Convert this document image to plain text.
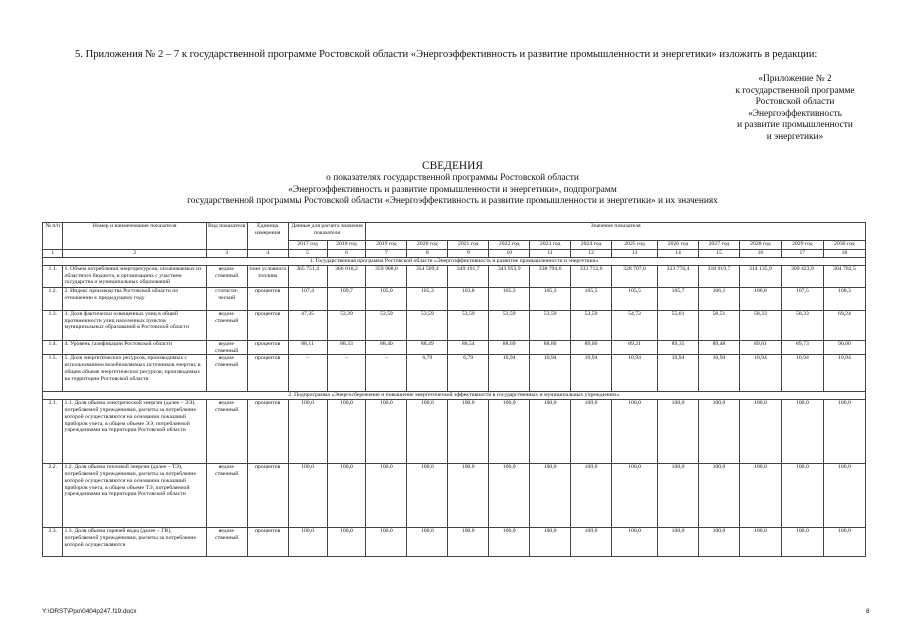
5. Приложения № 2 – 7 к государственной программе Ростовской области «Энергоэффективность и развитие промышленности и энергетики» изложить в редакции:
«Приложение № 2
к государственной программе
Ростовской области
«Энергоэффективность
и развитие промышленности
и энергетики»
СВЕДЕНИЯ
о показателях государственной программы Ростовской области
«Энергоэффективность и развитие промышленности и энергетики», подпрограмм
государственной программы Ростовской области «Энергоэффективность и развитие промышленности и энергетики» и их значениях
№ п/п	Номер и наименование показателя	Вид показателя	Единица измерения	Данные для расчета значения показателя		Значение показателя											
				2017 год	2018 год	2019 год	2020 год	2021 год	2022 год	2023 год	2024 год	2025 год	2026 год	2027 год	2028 год	2029 год	2030 год
1	2	3	4	5	6	7	8	9	10	11	12	13	14	15	16	17	18
1. Государственная программа Ростовской области «Энергоэффективность и развитие промышленности и энергетики»																	
1.1.	1. Объем потребления энергоресурсов, оплачиваемых из областного бюджета, в организациях с участием государства и муниципальных образований	ведом-ственный	тонн условного топлива	365 751,4	366 018,2	359 908,0	354 509,4	349 191,7	343 953,9	338 794,6	333 712,6	328 707,0	323 776,4	318 919,7	314 135,9	309 423,9	304 782,5
1.2.	2. Индекс производства Ростовской области по отношению к предыдущему году	статисти-ческий	процентов	107,4	109,7	105,0	105,3	103,8	105,3	105,3	105,5	105,5	105,7	106,1	106,8	107,5	108,3
1.3.	3. Доля фактически освещенных улиц в общей протяженности улиц населенных пунктов муниципальных образований в Ростовской области	ведом-ственный	процентов	47,35	53,39	53,59	53,59	53,59	53,59	53,59	53,59	54,72	55,61	56,51	58,33	58,33	69,24
1.4.	4. Уровень газификации Ростовской области	ведом-ственный	процентов	88,11	88,33	88,40	88,49	88,54	88,69	88,80	89,00	89,21	89,35	89,48	89,61	89,73	90,00
1.5.	5. Доля энергетических ресурсов, производимых с использованием возобновляемых источников энергии, в общем объеме энергетических ресурсов, производимых на территории Ростовской области	ведом-ственный	процентов	–	–	–	6,79	6,79	10,94	10,94	10,94	10,94	10,94	10,94	10,94	10,94	10,94
2. Подпрограмма «Энергосбережение и повышение энергетической эффективности в государственных и муниципальных учреждениях»																	
2.1.	1.1. Доля объема электрической энергии (далее – ЭЭ), потребляемой учреждениями, расчеты за потребление которой осуществляются на основании показаний приборов учета, в общем объеме ЭЭ, потребляемой учреждениями на территории Ростовской области	ведом-ственный	процентов	100,0	100,0	100,0	100,0	100,0	100,0	100,0	100,0	100,0	100,0	100,0	100,0	100,0	100,0
2.2.	1.2. Доля объема тепловой энергии (далее – ТЭ), потребляемой учреждениями, расчеты за потребление которой осуществляются на основании показаний приборов учета, в общем объеме ТЭ, потребляемой учреждениями на территории Ростовской области	ведом-ственный	процентов	100,0	100,0	100,0	100,0	100,0	100,0	100,0	100,0	100,0	100,0	100,0	100,0	100,0	100,0
2.3.	1.3. Доля объема горячей воды (далее – ГВ), потребляемой учреждениями, расчеты за потребление которой осуществляются	ведом-ственный	процентов	100,0	100,0	100,0	100,0	100,0	100,0	100,0	100,0	100,0	100,0	100,0	100,0	100,0	100,0
Y:\ORST\Ppo\0404p247.f19.docx	8
